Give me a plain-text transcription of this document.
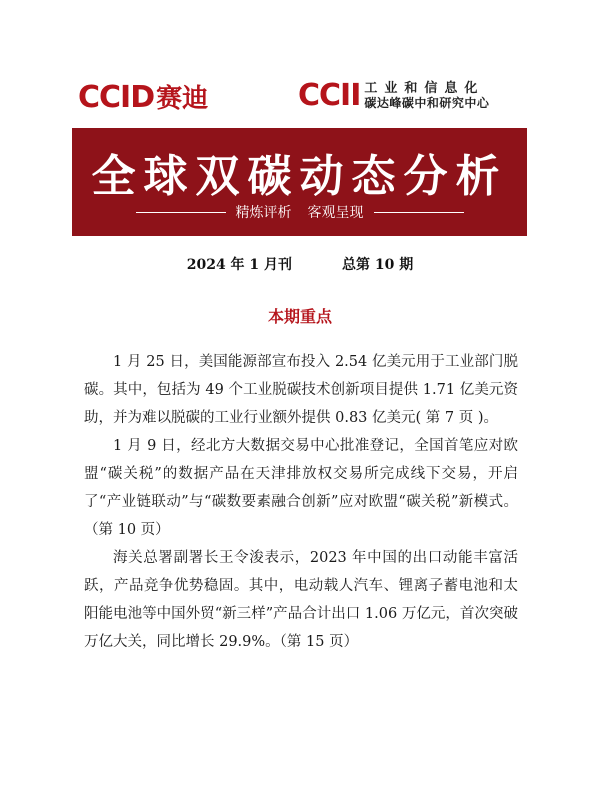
CCID赛迪	CCII 工业和信息化
碳达峰碳中和研究中心
全球双碳动态分析
精炼评析 客观呈现
2024 年 1 月刊	总第 10 期
本期重点

1 月 25 日，美国能源部宣布投入 2.54 亿美元用于工业部门脱碳。其中，包括为 49 个工业脱碳技术创新项目提供 1.71 亿美元资助，并为难以脱碳的工业行业额外提供 0.83 亿美元( 第 7 页 )。

1 月 9 日，经北方大数据交易中心批准登记，全国首笔应对欧盟“碳关税”的数据产品在天津排放权交易所完成线下交易，开启了“产业链联动”与“碳数要素融合创新”应对欧盟“碳关税”新模式。（第 10 页）

海关总署副署长王令浚表示，2023 年中国的出口动能丰富活跃，产品竞争优势稳固。其中，电动载人汽车、锂离子蓄电池和太阳能电池等中国外贸“新三样”产品合计出口 1.06 万亿元，首次突破万亿大关，同比增长 29.9%。（第 15 页）
